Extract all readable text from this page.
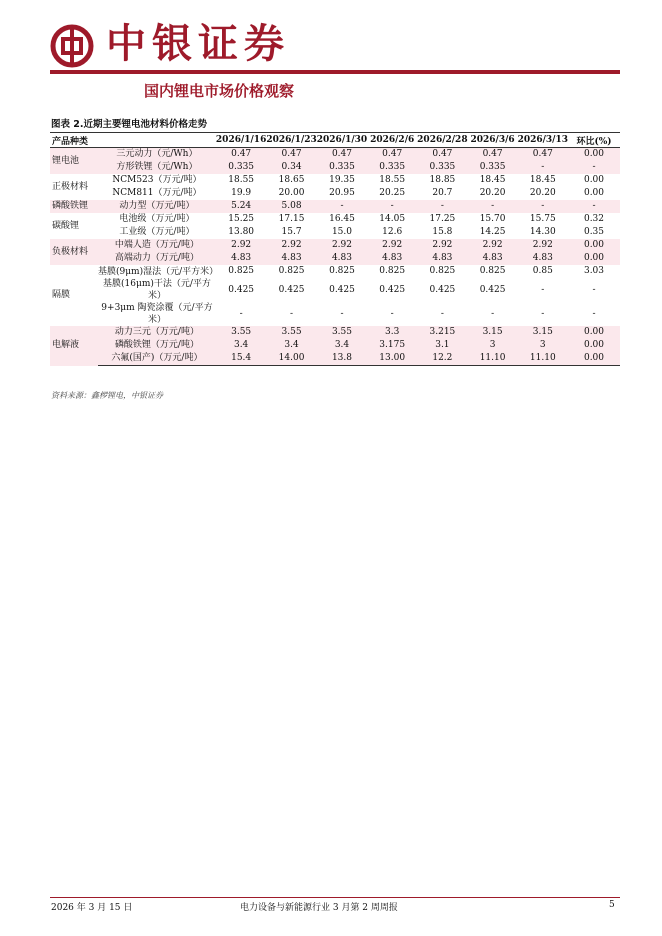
中银证券
国内锂电市场价格观察
图表 2.近期主要锂电池材料价格走势
产品种类		2026/1/16	2026/1/23	2026/1/30	2026/2/6	2026/2/28	2026/3/6	2026/3/13	环比(%)
锂电池	三元动力（元/Wh）	0.47	0.47	0.47	0.47	0.47	0.47	0.47	0.00
	方形铁锂（元/Wh）	0.335	0.34	0.335	0.335	0.335	0.335	-	-
正极材料	NCM523（万元/吨）	18.55	18.65	19.35	18.55	18.85	18.45	18.45	0.00
	NCM811（万元/吨）	19.9	20.00	20.95	20.25	20.7	20.20	20.20	0.00
磷酸铁锂	动力型（万元/吨）	5.24	5.08	-	-	-	-	-	-
碳酸锂	电池级（万元/吨）	15.25	17.15	16.45	14.05	17.25	15.70	15.75	0.32
	工业级（万元/吨）	13.80	15.7	15.0	12.6	15.8	14.25	14.30	0.35
负极材料	中端人造（万元/吨）	2.92	2.92	2.92	2.92	2.92	2.92	2.92	0.00
	高端动力（万元/吨）	4.83	4.83	4.83	4.83	4.83	4.83	4.83	0.00
隔膜	基膜(9μm)湿法（元/平方米）	0.825	0.825	0.825	0.825	0.825	0.825	0.85	3.03
	基膜(16μm)干法（元/平方米）	0.425	0.425	0.425	0.425	0.425	0.425	-	-
	9+3μm 陶瓷涂覆（元/平方米）	-	-	-	-	-	-	-	-
电解液	动力三元（万元/吨）	3.55	3.55	3.55	3.3	3.215	3.15	3.15	0.00
	磷酸铁锂（万元/吨）	3.4	3.4	3.4	3.175	3.1	3	3	0.00
	六氟(国产)（万元/吨）	15.4	14.00	13.8	13.00	12.2	11.10	11.10	0.00
资料来源：鑫椤锂电，中银证券
2026 年 3 月 15 日	电力设备与新能源行业 3 月第 2 周周报	5
